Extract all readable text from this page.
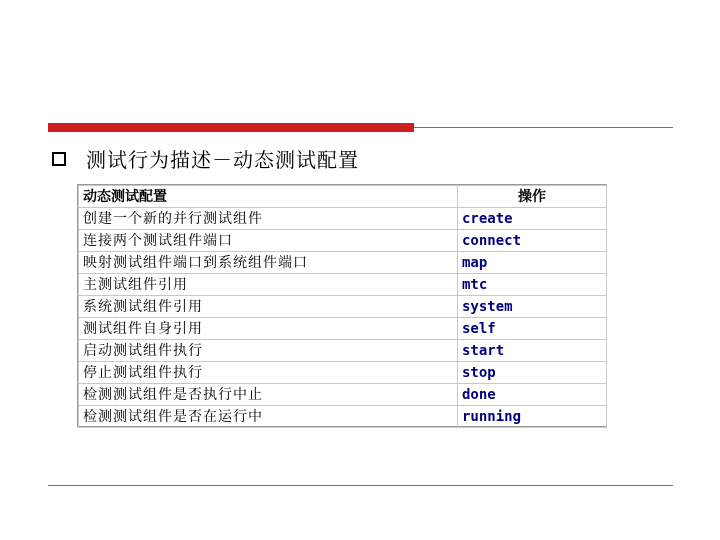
测试行为描述－动态测试配置
动态测试配置	操作
创建一个新的并行测试组件	create
连接两个测试组件端口	connect
映射测试组件端口到系统组件端口	map
主测试组件引用	mtc
系统测试组件引用	system
测试组件自身引用	self
启动测试组件执行	start
停止测试组件执行	stop
检测测试组件是否执行中止	done
检测测试组件是否在运行中	running
